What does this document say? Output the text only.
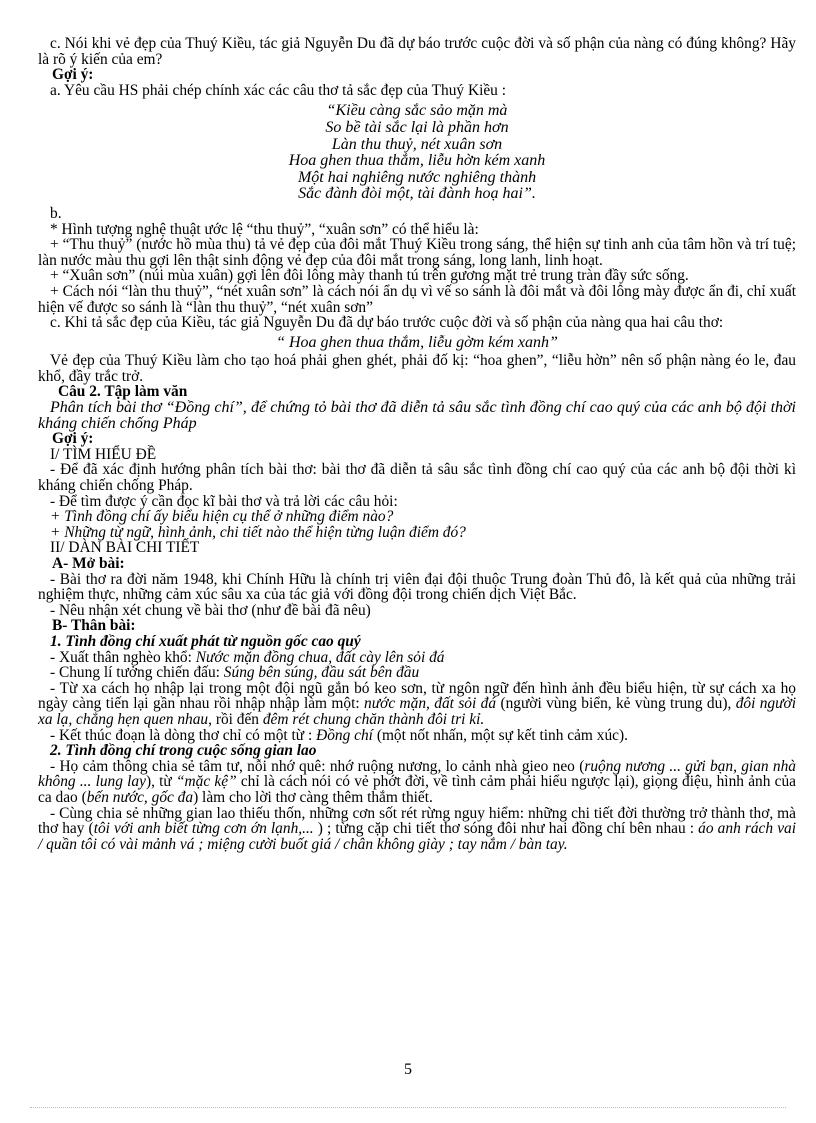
c. Nói khi vẻ đẹp của Thuý Kiều, tác giả Nguyễn Du đã dự báo trước cuộc đời và số phận của nàng có đúng không? Hãy là rõ ý kiến của em?

Gợi ý:

a. Yêu cầu HS phải chép chính xác các câu thơ tả sắc đẹp của Thuý Kiều :

“Kiều càng sắc sảo mặn mà
So bề tài sắc lại là phần hơn
Làn thu thuỷ, nét xuân sơn
Hoa ghen thua thắm, liễu hờn kém xanh
Một hai nghiêng nước nghiêng thành
Sắc đành đòi một, tài đành hoạ hai”.

b.

* Hình tượng nghệ thuật ước lệ “thu thuỷ”, “xuân sơn” có thể hiểu là:

+ “Thu thuỷ” (nước hồ mùa thu) tả vẻ đẹp của đôi mắt Thuý Kiều trong sáng, thể hiện sự tinh anh của tâm hồn và trí tuệ; làn nước màu thu gợi lên thật sinh động vẻ đẹp của đôi mắt trong sáng, long lanh, linh hoạt.

+ “Xuân sơn” (núi mùa xuân) gợi lên đôi lông mày thanh tú trên gương mặt trẻ trung tràn đầy sức sống.

+ Cách nói “làn thu thuỷ”, “nét xuân sơn” là cách nói ẩn dụ vì vế so sánh là đôi mắt và đôi lông mày được ẩn đi, chỉ xuất hiện vế được so sánh là “làn thu thuỷ”, “nét xuân sơn”

c. Khi tả sắc đẹp của Kiều, tác giả Nguyễn Du đã dự báo trước cuộc đời và số phận của nàng qua hai câu thơ:

“ Hoa ghen thua thắm, liễu gờm kém xanh”

Vẻ đẹp của Thuý Kiều làm cho tạo hoá phải ghen ghét, phải đố kị: “hoa ghen”, “liễu hờn” nên số phận nàng éo le, đau khổ, đầy trắc trở.

Câu 2. Tập làm văn

Phân tích bài thơ “Đồng chí”, để chứng tỏ bài thơ đã diễn tả sâu sắc tình đồng chí cao quý của các anh bộ đội thời kháng chiến chống Pháp

Gợi ý:

I/ TÌM HIỂU ĐỀ

- Để đã xác định hướng phân tích bài thơ: bài thơ đã diễn tả sâu sắc tình đồng chí cao quý của các anh bộ đội thời kì kháng chiến chống Pháp.

- Để tìm được ý cần đọc kĩ bài thơ và trả lời các câu hỏi:

+ Tình đồng chí ấy biểu hiện cụ thể ở những điểm nào?

+ Những từ ngữ, hình ảnh, chi tiết nào thể hiện từng luận điểm đó?

II/ DÀN BÀI CHI TIẾT

A- Mở bài:

- Bài thơ ra đời năm 1948, khi Chính Hữu là chính trị viên đại đội thuộc Trung đoàn Thủ đô, là kết quả của những trải nghiệm thực, những cảm xúc sâu xa của tác giả với đồng đội trong chiến dịch Việt Bắc.

- Nêu nhận xét chung về bài thơ (như đề bài đã nêu)

B- Thân bài:

1. Tình đồng chí xuất phát từ nguồn gốc cao quý

- Xuất thân nghèo khổ: Nước mặn đồng chua, đất cày lên sỏi đá

- Chung lí tưởng chiến đấu: Súng bên súng, đầu sát bên đầu

- Từ xa cách họ nhập lại trong một đội ngũ gắn bó keo sơn, từ ngôn ngữ đến hình ảnh đều biểu hiện, từ sự cách xa họ ngày càng tiến lại gần nhau rồi nhập nhập làm một: nước mặn, đất sỏi đá (người vùng biển, kẻ vùng trung du), đôi người xa lạ, chẳng hẹn quen nhau, rồi đến đêm rét chung chăn thành đôi tri kỉ.

- Kết thúc đoạn là dòng thơ chỉ có một từ : Đồng chí (một nốt nhấn, một sự kết tinh cảm xúc).

2. Tình đồng chí trong cuộc sống gian lao

- Họ cảm thông chia sẻ tâm tư, nỗi nhớ quê: nhớ ruộng nương, lo cảnh nhà gieo neo (ruộng nương ... gửi bạn, gian nhà không ... lung lay), từ “mặc kệ” chỉ là cách nói có vẻ phớt đời, về tình cảm phải hiểu ngược lại), giọng điệu, hình ảnh của ca dao (bến nước, gốc đa) làm cho lời thơ càng thêm thắm thiết.

- Cùng chia sẻ những gian lao thiếu thốn, những cơn sốt rét rừng nguy hiểm: những chi tiết đời thường trở thành thơ, mà thơ hay (tôi với anh biết từng cơn ớn lạnh,... ) ; từng cặp chi tiết thơ sóng đôi như hai đồng chí bên nhau : áo anh rách vai / quần tôi có vài mảnh vá ; miệng cười buốt giá / chân không giày ; tay nắm / bàn tay.

5
